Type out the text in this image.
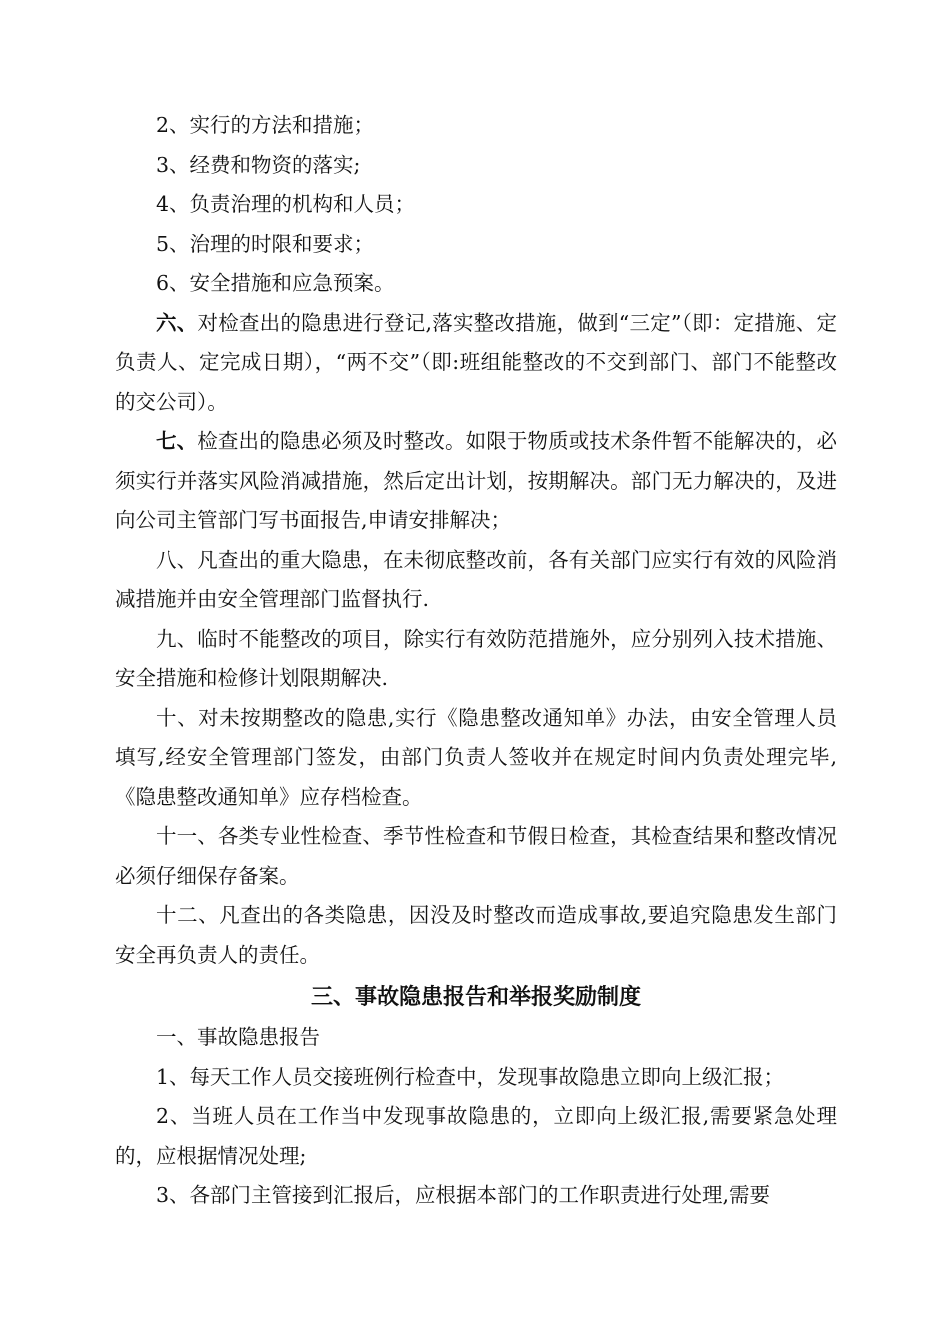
2、实行的方法和措施；

3、经费和物资的落实;

4、负责治理的机构和人员；

5、治理的时限和要求；

6、安全措施和应急预案。

六、对检查出的隐患进行登记,落实整改措施，做到“三定”（即：定措施、定负责人、定完成日期），“两不交”（即:班组能整改的不交到部门、部门不能整改的交公司）。

七、检查出的隐患必须及时整改。如限于物质或技术条件暂不能解决的，必须实行并落实风险消减措施，然后定出计划，按期解决。部门无力解决的，及进向公司主管部门写书面报告,申请安排解决；

八、凡查出的重大隐患，在未彻底整改前，各有关部门应实行有效的风险消减措施并由安全管理部门监督执行.

九、临时不能整改的项目，除实行有效防范措施外，应分别列入技术措施、安全措施和检修计划限期解决.

十、对未按期整改的隐患,实行《隐患整改通知单》办法，由安全管理人员填写,经安全管理部门签发，由部门负责人签收并在规定时间内负责处理完毕,《隐患整改通知单》应存档检查。

十一、各类专业性检查、季节性检查和节假日检查，其检查结果和整改情况必须仔细保存备案。

十二、凡查出的各类隐患，因没及时整改而造成事故,要追究隐患发生部门安全再负责人的责任。

三、事故隐患报告和举报奖励制度

一、事故隐患报告

1、每天工作人员交接班例行检查中，发现事故隐患立即向上级汇报；

2、当班人员在工作当中发现事故隐患的，立即向上级汇报,需要紧急处理的，应根据情况处理;

3、各部门主管接到汇报后，应根据本部门的工作职责进行处理,需要
